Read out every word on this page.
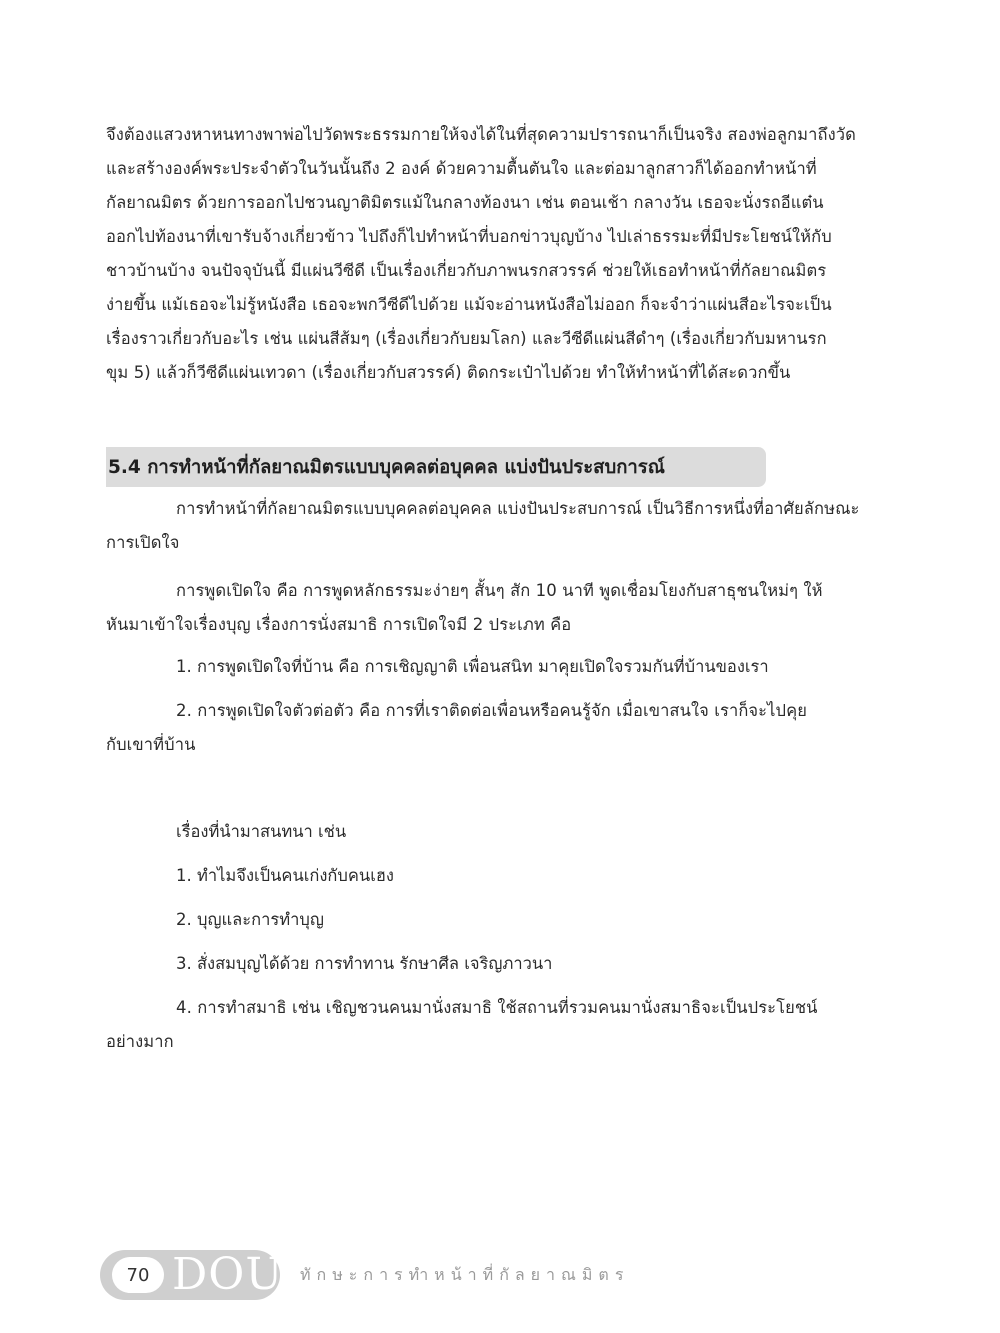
จึงต้องแสวงหาหนทางพาพ่อไปวัดพระธรรมกายให้จงได้ในที่สุดความปรารถนาก็เป็นจริง สองพ่อลูกมาถึงวัด
และสร้างองค์พระประจำตัวในวันนั้นถึง 2 องค์ ด้วยความตื้นตันใจ และต่อมาลูกสาวก็ได้ออกทำหน้าที่
กัลยาณมิตร ด้วยการออกไปชวนญาติมิตรแม้ในกลางท้องนา เช่น ตอนเช้า กลางวัน เธอจะนั่งรถอีแต๋น
ออกไปท้องนาที่เขารับจ้างเกี่ยวข้าว ไปถึงก็ไปทำหน้าที่บอกข่าวบุญบ้าง ไปเล่าธรรมะที่มีประโยชน์ให้กับ
ชาวบ้านบ้าง จนปัจจุบันนี้ มีแผ่นวีซีดี เป็นเรื่องเกี่ยวกับภาพนรกสวรรค์ ช่วยให้เธอทำหน้าที่กัลยาณมิตร
ง่ายขึ้น แม้เธอจะไม่รู้หนังสือ เธอจะพกวีซีดีไปด้วย แม้จะอ่านหนังสือไม่ออก ก็จะจำว่าแผ่นสีอะไรจะเป็น
เรื่องราวเกี่ยวกับอะไร เช่น แผ่นสีส้มๆ (เรื่องเกี่ยวกับยมโลก) และวีซีดีแผ่นสีดำๆ (เรื่องเกี่ยวกับมหานรก
ขุม 5) แล้วก็วีซีดีแผ่นเทวดา (เรื่องเกี่ยวกับสวรรค์) ติดกระเป๋าไปด้วย ทำให้ทำหน้าที่ได้สะดวกขึ้น
5.4 การทำหน้าที่กัลยาณมิตรแบบบุคคลต่อบุคคล แบ่งปันประสบการณ์
การทำหน้าที่กัลยาณมิตรแบบบุคคลต่อบุคคล แบ่งปันประสบการณ์ เป็นวิธีการหนึ่งที่อาศัยลักษณะ
การเปิดใจ
การพูดเปิดใจ คือ การพูดหลักธรรมะง่ายๆ สั้นๆ สัก 10 นาที พูดเชื่อมโยงกับสาธุชนใหม่ๆ ให้
หันมาเข้าใจเรื่องบุญ เรื่องการนั่งสมาธิ การเปิดใจมี 2 ประเภท คือ
1. การพูดเปิดใจที่บ้าน คือ การเชิญญาติ เพื่อนสนิท มาคุยเปิดใจรวมกันที่บ้านของเรา
2. การพูดเปิดใจตัวต่อตัว คือ การที่เราติดต่อเพื่อนหรือคนรู้จัก เมื่อเขาสนใจ เราก็จะไปคุย
กับเขาที่บ้าน
เรื่องที่นำมาสนทนา เช่น
1. ทำไมจึงเป็นคนเก่งกับคนเฮง
2. บุญและการทำบุญ
3. สั่งสมบุญได้ด้วย การทำทาน รักษาศีล เจริญภาวนา
4. การทำสมาธิ เช่น เชิญชวนคนมานั่งสมาธิ ใช้สถานที่รวมคนมานั่งสมาธิจะเป็นประโยชน์
อย่างมาก
70 DOU ทักษะการทำหน้าที่กัลยาณมิตร
